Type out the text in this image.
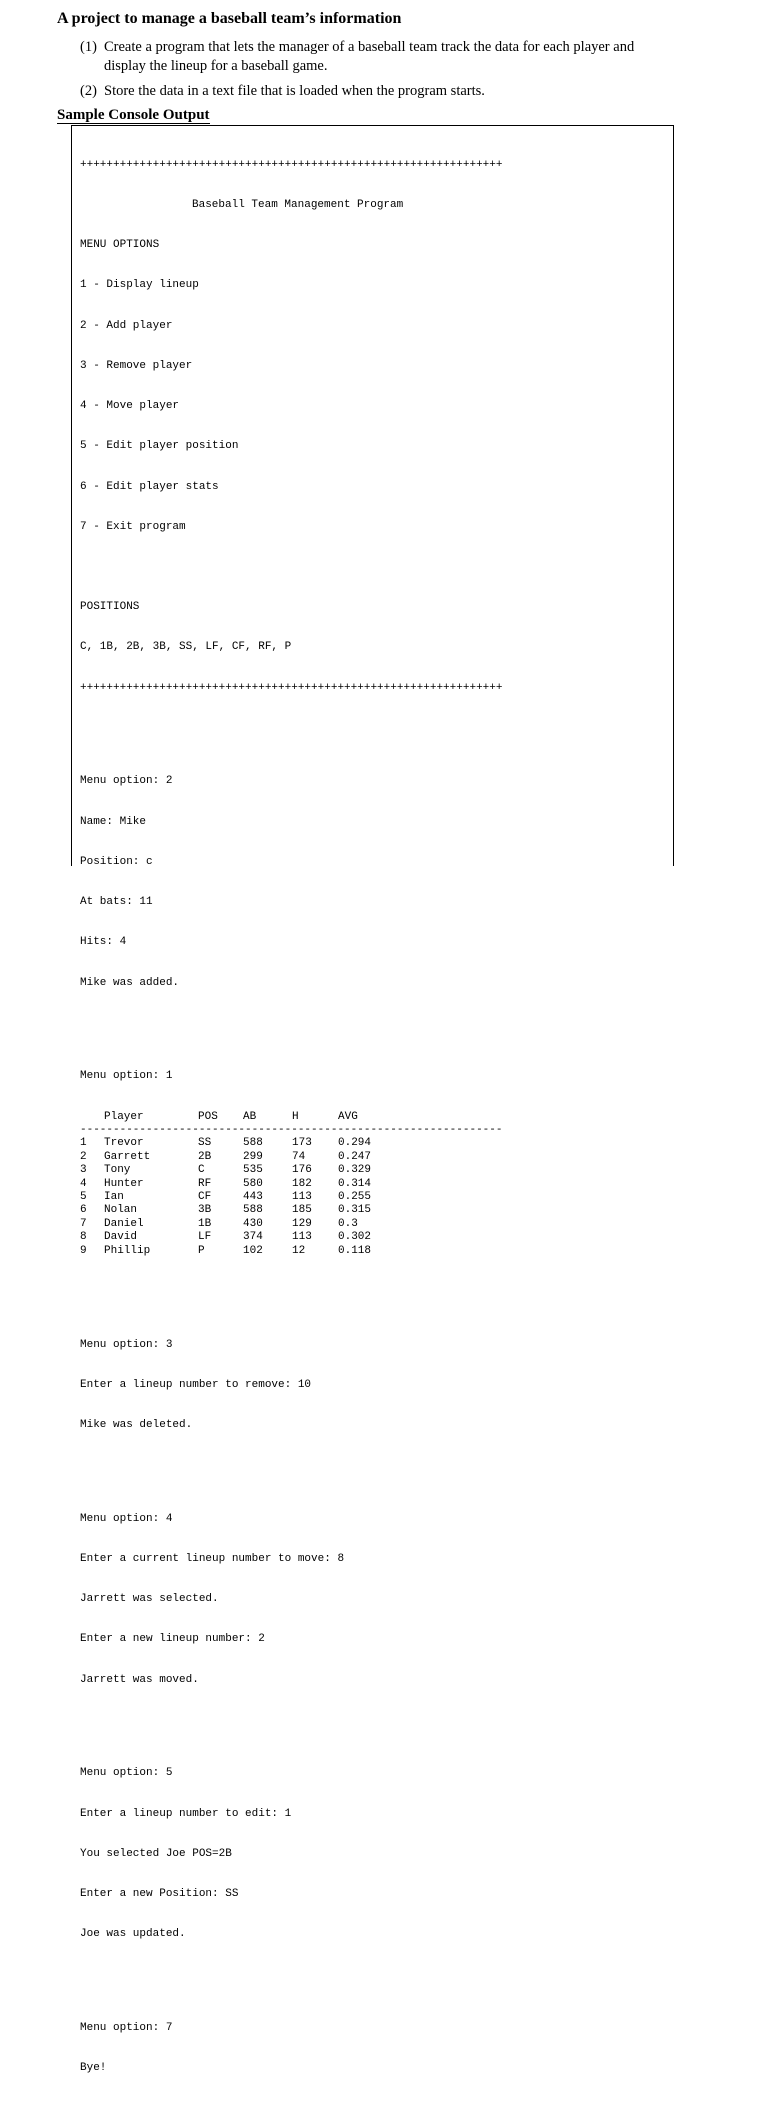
A project to manage a baseball team’s information
(1) Create a program that lets the manager of a baseball team track the data for each player and
display the lineup for a baseball game.
(2) Store the data in a text file that is loaded when the program starts.
Sample Console Output

++++++++++++++++++++++++++++++++++++++++++++++++++++++++++++++++

Baseball Team Management Program

MENU OPTIONS

1 - Display lineup

2 - Add player

3 - Remove player

4 - Move player

5 - Edit player position

6 - Edit player stats

7 - Exit program

POSITIONS

C, 1B, 2B, 3B, SS, LF, CF, RF, P

++++++++++++++++++++++++++++++++++++++++++++++++++++++++++++++++

Menu option: 2

Name: Mike

Position: c

At bats: 11

Hits: 4

Mike was added.

Menu option: 1

	Player	POS	AB	H	AVG
----------------------------------------------------------------					
1	Trevor	SS	588	173	0.294
2	Garrett	2B	299	74	0.247
3	Tony	C	535	176	0.329
4	Hunter	RF	580	182	0.314
5	Ian	CF	443	113	0.255
6	Nolan	3B	588	185	0.315
7	Daniel	1B	430	129	0.3
8	David	LF	374	113	0.302
9	Phillip	P	102	12	0.118

Menu option: 3

Enter a lineup number to remove: 10

Mike was deleted.

Menu option: 4

Enter a current lineup number to move: 8

Jarrett was selected.

Enter a new lineup number: 2

Jarrett was moved.

Menu option: 5

Enter a lineup number to edit: 1

You selected Joe POS=2B

Enter a new Position: SS

Joe was updated.

Menu option: 7

Bye!
